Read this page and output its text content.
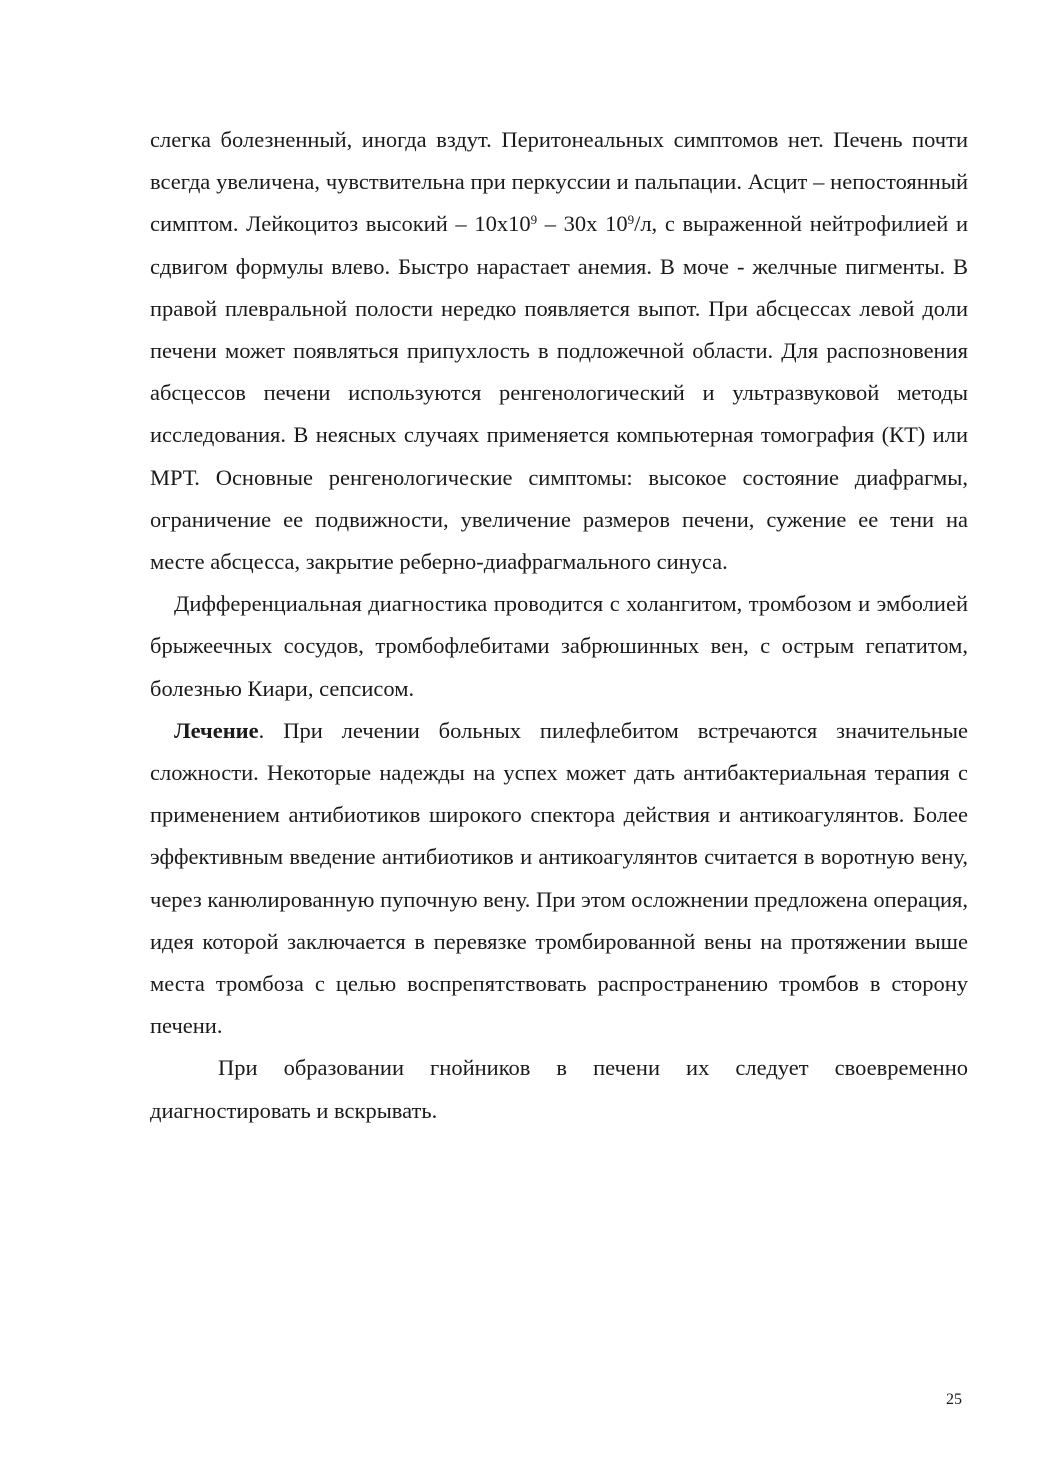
слегка болезненный, иногда вздут. Перитонеальных симптомов нет. Печень почти всегда увеличена, чувствительна при перкуссии и пальпации. Асцит – непостоянный симптом. Лейкоцитоз высокий – $10х10^9 - 30х$ $10^9/л$, с выраженной нейтрофилией и сдвигом формулы влево. Быстро нарастает анемия. В моче - желчные пигменты. В правой плевральной полости нередко появляется выпот. При абсцессах левой доли печени может появляться припухлость в подложечной области. Для распозновения абсцессов печени используются ренгенологический и ультразвуковой методы исследования. В неясных случаях применяется компьютерная томография (КТ) или МРТ. Основные ренгенологические симптомы: высокое состояние диафрагмы, ограничение ее подвижности, увеличение размеров печени, сужение ее тени на месте абсцесса, закрытие реберно-диафрагмального синуса.

Дифференциальная диагностика проводится с холангитом, тромбозом и эмболией брыжеечных сосудов, тромбофлебитами забрюшинных вен, с острым гепатитом, болезнью Киари, сепсисом.

Лечение. При лечении больных пилефлебитом встречаются значительные сложности. Некоторые надежды на успех может дать антибактериальная терапия с применением антибиотиков широкого спектора действия и антикоагулянтов. Более эффективным введение антибиотиков и антикоагулянтов считается в воротную вену, через канюлированную пупочную вену. При этом осложнении предложена операция, идея которой заключается в перевязке тромбированной вены на протяжении выше места тромбоза с целью воспрепятствовать распространению тромбов в сторону печени.

При образовании гнойников в печени их следует своевременно диагностировать и вскрывать.

25
